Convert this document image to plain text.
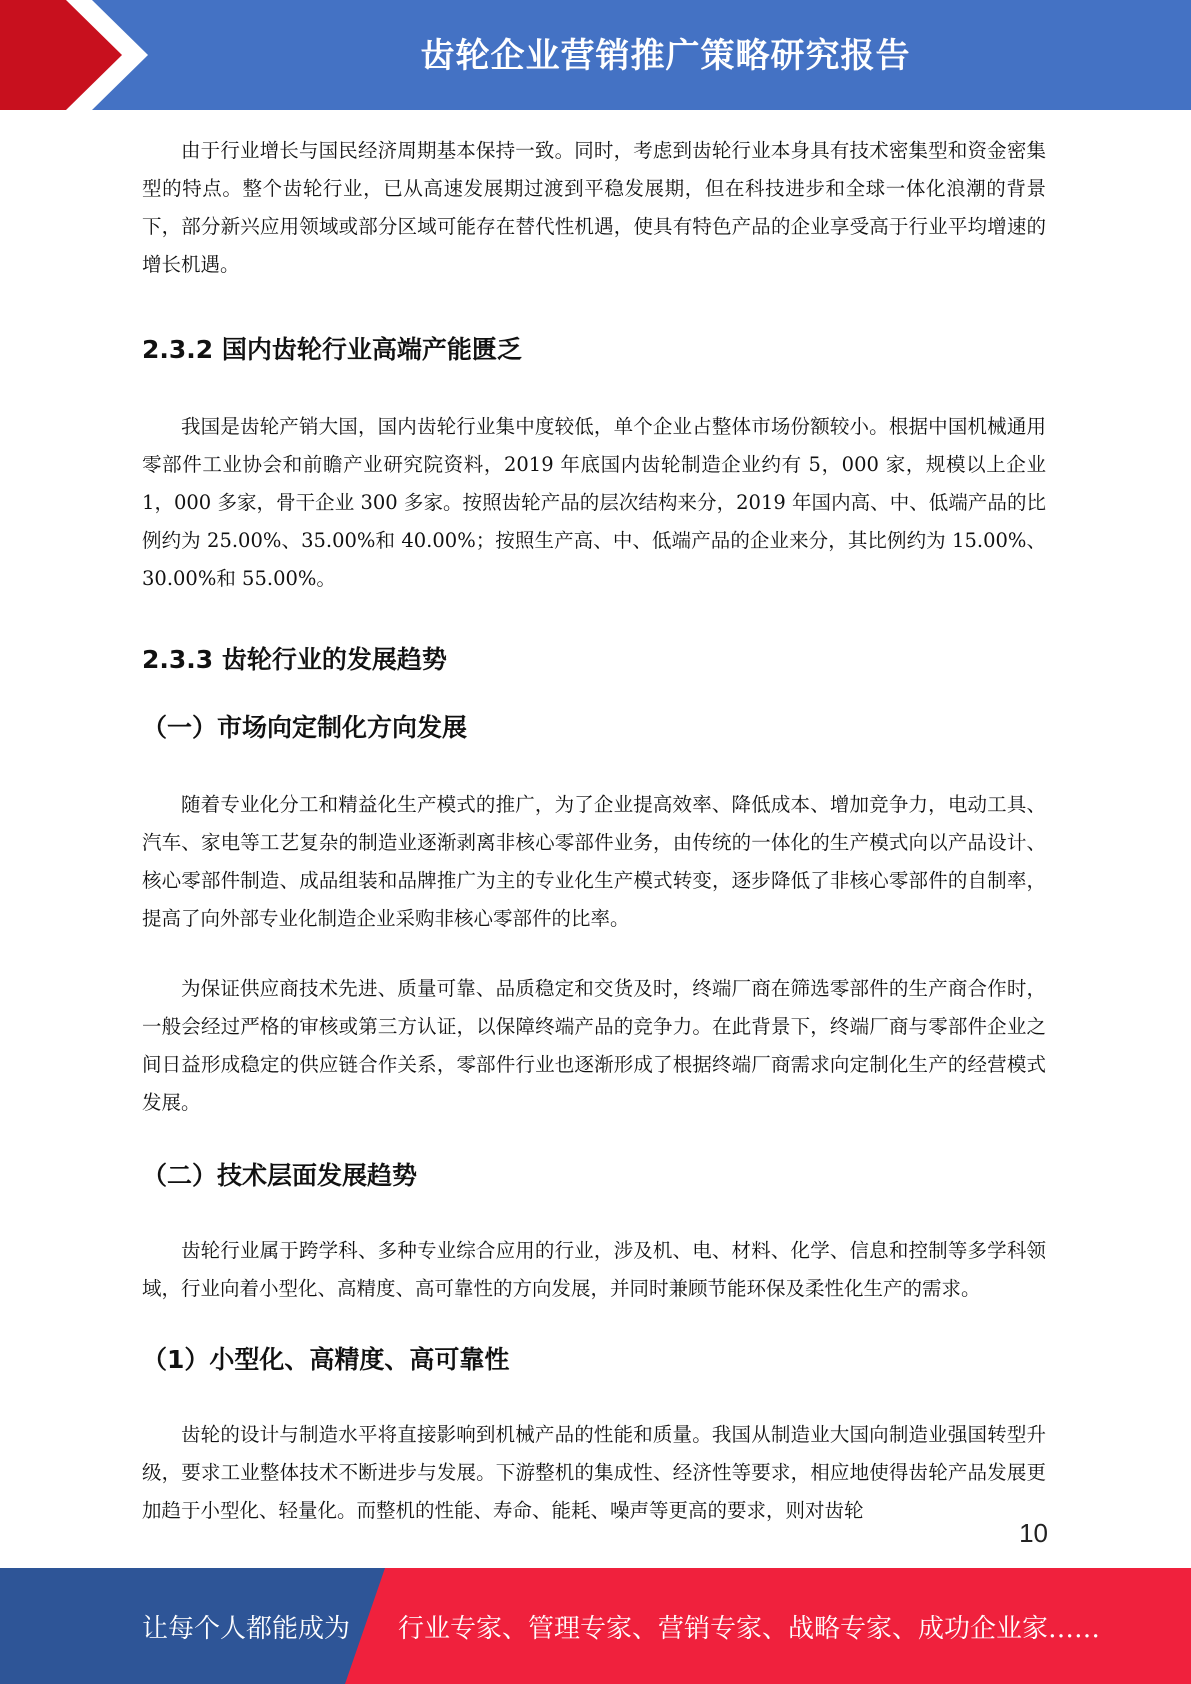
齿轮企业营销推广策略研究报告

由于行业增长与国民经济周期基本保持一致。同时，考虑到齿轮行业本身具有技术密集型和资金密集型的特点。整个齿轮行业，已从高速发展期过渡到平稳发展期，但在科技进步和全球一体化浪潮的背景下，部分新兴应用领域或部分区域可能存在替代性机遇，使具有特色产品的企业享受高于行业平均增速的增长机遇。

2.3.2 国内齿轮行业高端产能匮乏

我国是齿轮产销大国，国内齿轮行业集中度较低，单个企业占整体市场份额较小。根据中国机械通用零部件工业协会和前瞻产业研究院资料，2019 年底国内齿轮制造企业约有 5，000 家，规模以上企业 1，000 多家，骨干企业 300 多家。按照齿轮产品的层次结构来分，2019 年国内高、中、低端产品的比例约为 25.00%、35.00%和 40.00%；按照生产高、中、低端产品的企业来分，其比例约为 15.00%、30.00%和 55.00%。

2.3.3 齿轮行业的发展趋势
（一）市场向定制化方向发展

随着专业化分工和精益化生产模式的推广，为了企业提高效率、降低成本、增加竞争力，电动工具、汽车、家电等工艺复杂的制造业逐渐剥离非核心零部件业务，由传统的一体化的生产模式向以产品设计、核心零部件制造、成品组装和品牌推广为主的专业化生产模式转变，逐步降低了非核心零部件的自制率，提高了向外部专业化制造企业采购非核心零部件的比率。

为保证供应商技术先进、质量可靠、品质稳定和交货及时，终端厂商在筛选零部件的生产商合作时，一般会经过严格的审核或第三方认证，以保障终端产品的竞争力。在此背景下，终端厂商与零部件企业之间日益形成稳定的供应链合作关系，零部件行业也逐渐形成了根据终端厂商需求向定制化生产的经营模式发展。

（二）技术层面发展趋势

齿轮行业属于跨学科、多种专业综合应用的行业，涉及机、电、材料、化学、信息和控制等多学科领域，行业向着小型化、高精度、高可靠性的方向发展，并同时兼顾节能环保及柔性化生产的需求。

（1）小型化、高精度、高可靠性

齿轮的设计与制造水平将直接影响到机械产品的性能和质量。我国从制造业大国向制造业强国转型升级，要求工业整体技术不断进步与发展。下游整机的集成性、经济性等要求，相应地使得齿轮产品发展更加趋于小型化、轻量化。而整机的性能、寿命、能耗、噪声等更高的要求，则对齿轮

10
让每个人都能成为 行业专家、管理专家、营销专家、战略专家、成功企业家……
